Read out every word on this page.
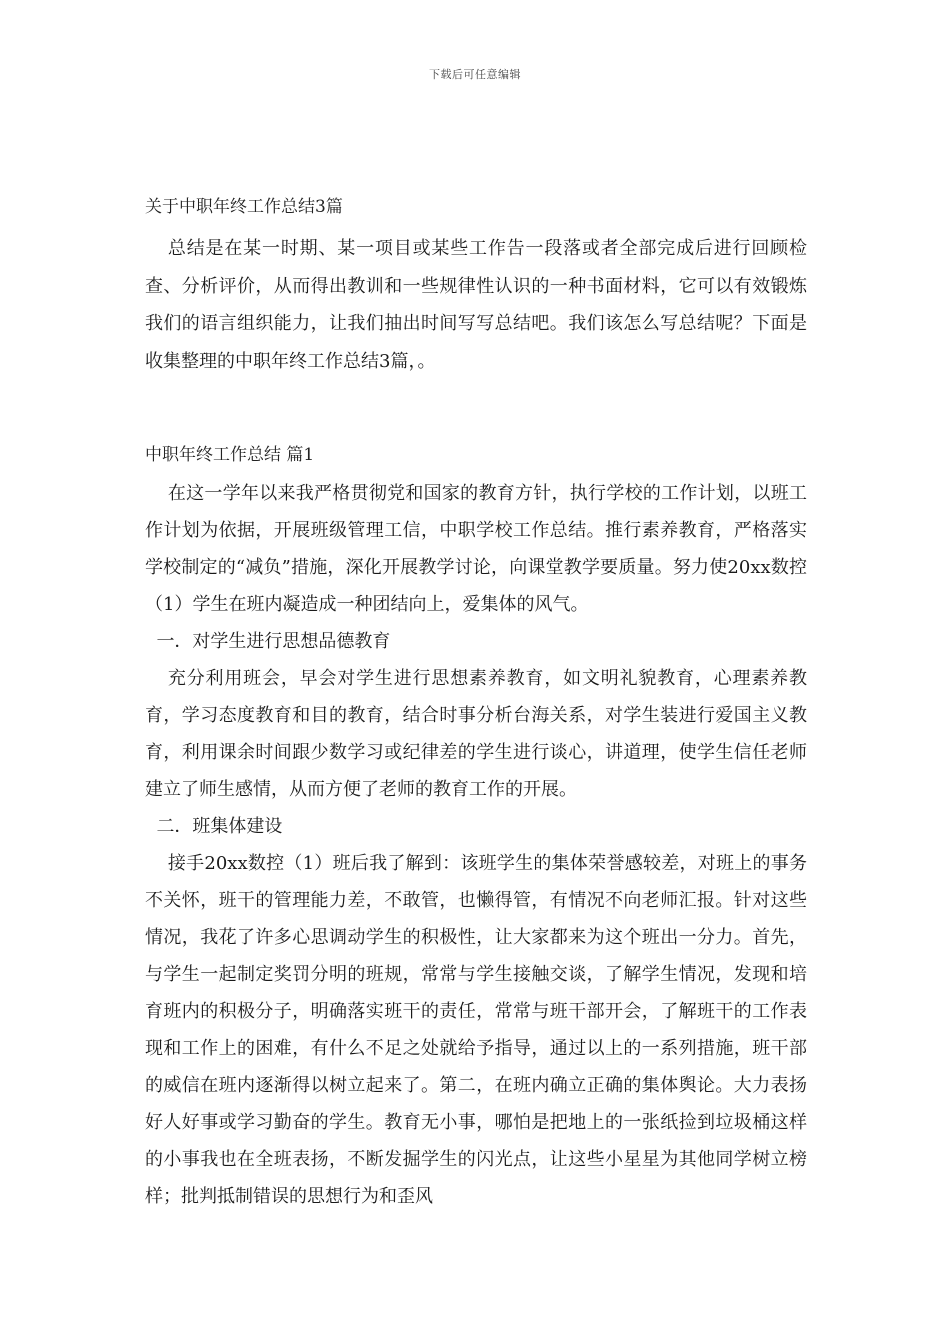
下载后可任意编辑
关于中职年终工作总结3篇

总结是在某一时期、某一项目或某些工作告一段落或者全部完成后进行回顾检查、分析评价，从而得出教训和一些规律性认识的一种书面材料，它可以有效锻炼我们的语言组织能力，让我们抽出时间写写总结吧。我们该怎么写总结呢？下面是收集整理的中职年终工作总结3篇，。

中职年终工作总结 篇1

在这一学年以来我严格贯彻党和国家的教育方针，执行学校的工作计划，以班工作计划为依据，开展班级管理工信，中职学校工作总结。推行素养教育，严格落实学校制定的“减负”措施，深化开展教学讨论，向课堂教学要质量。努力使20xx数控（1）学生在班内凝造成一种团结向上，爱集体的风气。

一．对学生进行思想品德教育

充分利用班会，早会对学生进行思想素养教育，如文明礼貌教育，心理素养教育，学习态度教育和目的教育，结合时事分析台海关系，对学生装进行爱国主义教育，利用课余时间跟少数学习或纪律差的学生进行谈心，讲道理，使学生信任老师建立了师生感情，从而方便了老师的教育工作的开展。

二．班集体建设

接手20xx数控（1）班后我了解到：该班学生的集体荣誉感较差，对班上的事务不关怀，班干的管理能力差，不敢管，也懒得管，有情况不向老师汇报。针对这些情况，我花了许多心思调动学生的积极性，让大家都来为这个班出一分力。首先，与学生一起制定奖罚分明的班规，常常与学生接触交谈，了解学生情况，发现和培育班内的积极分子，明确落实班干的责任，常常与班干部开会，了解班干的工作表现和工作上的困难，有什么不足之处就给予指导，通过以上的一系列措施，班干部的威信在班内逐渐得以树立起来了。第二，在班内确立正确的集体舆论。大力表扬好人好事或学习勤奋的学生。教育无小事，哪怕是把地上的一张纸捡到垃圾桶这样的小事我也在全班表扬，不断发掘学生的闪光点，让这些小星星为其他同学树立榜样；批判抵制错误的思想行为和歪风
